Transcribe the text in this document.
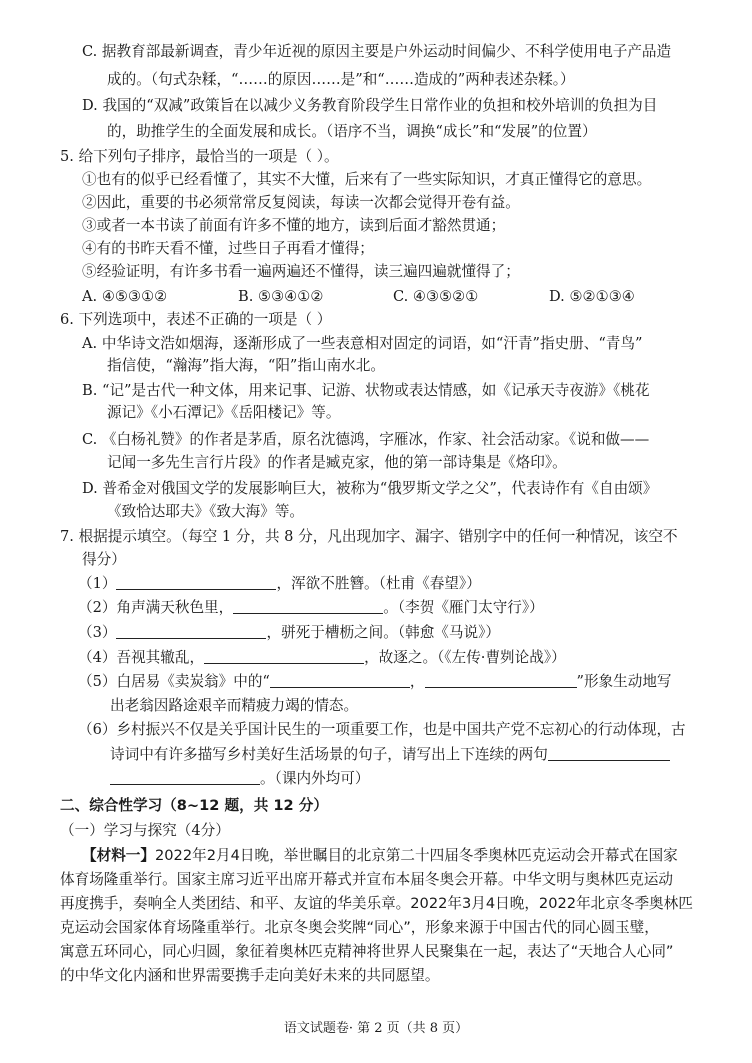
C. 据教育部最新调查，青少年近视的原因主要是户外运动时间偏少、不科学使用电子产品造
成的。（句式杂糅，“……的原因……是”和“……造成的”两种表述杂糅。）
D. 我国的“双减”政策旨在以减少义务教育阶段学生日常作业的负担和校外培训的负担为目
的，助推学生的全面发展和成长。（语序不当，调换“成长”和“发展”的位置）
5. 给下列句子排序，最恰当的一项是（ ）。
①也有的似乎已经看懂了，其实不大懂，后来有了一些实际知识，才真正懂得它的意思。
②因此，重要的书必须常常反复阅读，每读一次都会觉得开卷有益。
③或者一本书读了前面有许多不懂的地方，读到后面才豁然贯通；
④有的书昨天看不懂，过些日子再看才懂得；
⑤经验证明，有许多书看一遍两遍还不懂得，读三遍四遍就懂得了；
A. ④⑤③①②	B. ⑤③④①②	C. ④③⑤②①	D. ⑤②①③④
6. 下列选项中，表述不正确的一项是（ ）
A. 中华诗文浩如烟海，逐渐形成了一些表意相对固定的词语，如“汗青”指史册、“青鸟”
指信使，“瀚海”指大海，“阳”指山南水北。
B. “记”是古代一种文体，用来记事、记游、状物或表达情感，如《记承天寺夜游》《桃花
源记》《小石潭记》《岳阳楼记》等。
C. 《白杨礼赞》的作者是茅盾，原名沈德鸿，字雁冰，作家、社会活动家。《说和做——
记闻一多先生言行片段》的作者是臧克家，他的第一部诗集是《烙印》。
D. 普希金对俄国文学的发展影响巨大，被称为“俄罗斯文学之父”，代表诗作有《自由颂》
《致恰达耶夫》《致大海》等。
7. 根据提示填空。（每空 1 分，共 8 分，凡出现加字、漏字、错别字中的任何一种情况，该空不
得分）
（1）	，浑欲不胜簪。（杜甫《春望》）
（2） 角声满天秋色里，	。（李贺《雁门太守行》）
（3）	，骈死于槽枥之间。（韩愈《马说》）
（4） 吾视其辙乱，	，故逐之。（《左传·曹刿论战》）
（5） 白居易《卖炭翁》中的“	，	”形象生动地写
出老翁因路途艰辛而精疲力竭的情态。
（6） 乡村振兴不仅是关乎国计民生的一项重要工作，也是中国共产党不忘初心的行动体现，古
诗词中有许多描写乡村美好生活场景的句子，请写出上下连续的两句
。（课内外均可）
二、综合性学习（8~12 题，共 12 分）
（一）学习与探究（4分）
【材料一】 2022年2月4日晚，举世瞩目的北京第二十四届冬季奥林匹克运动会开幕式在国家
体育场隆重举行。国家主席习近平出席开幕式并宣布本届冬奥会开幕。中华文明与奥林匹克运动
再度携手，奏响全人类团结、和平、友谊的华美乐章。2022年3月4日晚，2022年北京冬季奥林匹
克运动会国家体育场隆重举行。北京冬奥会奖牌“同心”，形象来源于中国古代的同心圆玉璧，
寓意五环同心，同心归圆，象征着奥林匹克精神将世界人民聚集在一起，表达了“天地合人心同”
的中华文化内涵和世界需要携手走向美好未来的共同愿望。
语文试题卷· 第 2 页（共 8 页）
